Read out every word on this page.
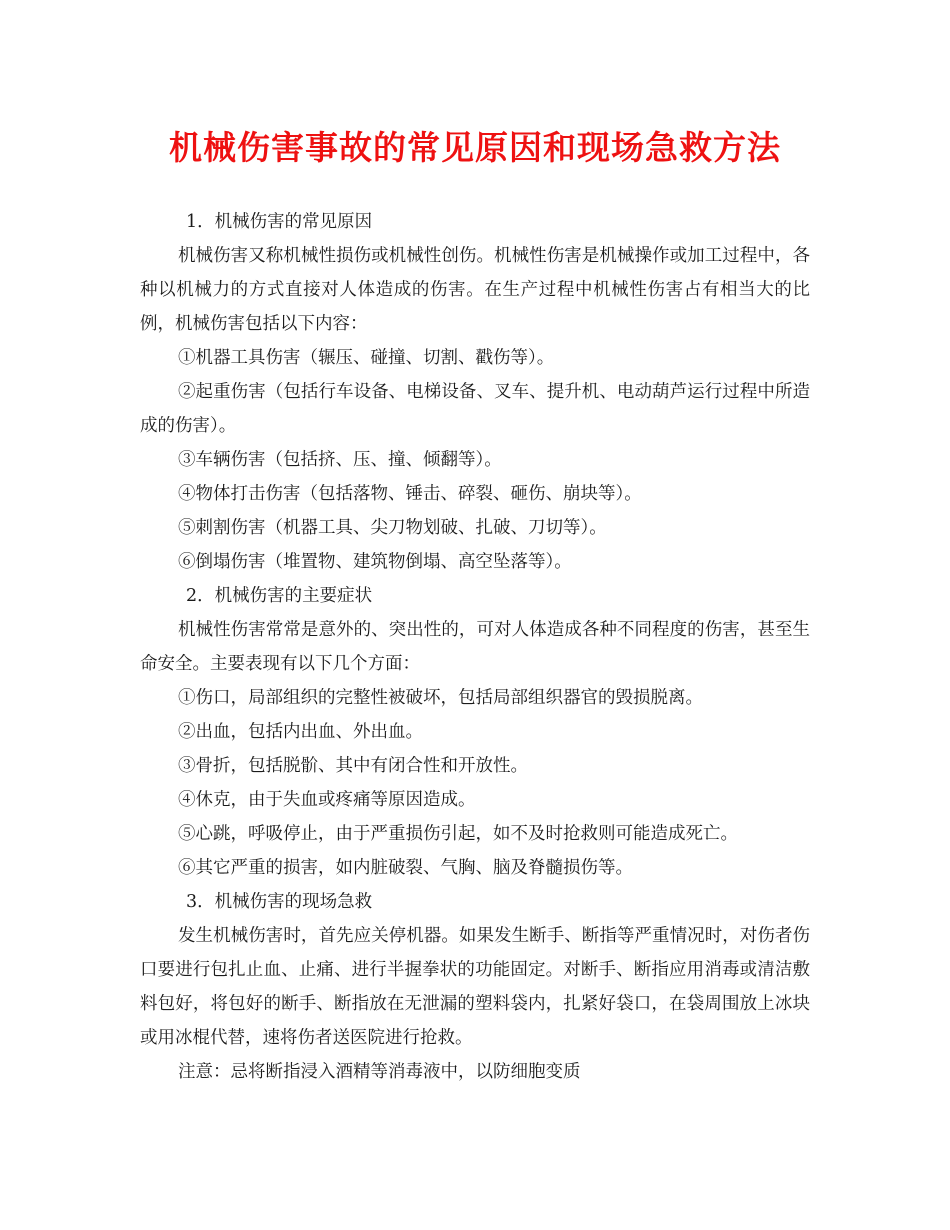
机械伤害事故的常见原因和现场急救方法

1．机械伤害的常见原因

机械伤害又称机械性损伤或机械性创伤。机械性伤害是机械操作或加工过程中，各种以机械力的方式直接对人体造成的伤害。在生产过程中机械性伤害占有相当大的比例，机械伤害包括以下内容：

①机器工具伤害（辗压、碰撞、切割、戳伤等）。

②起重伤害（包括行车设备、电梯设备、叉车、提升机、电动葫芦运行过程中所造成的伤害）。

③车辆伤害（包括挤、压、撞、倾翻等）。

④物体打击伤害（包括落物、锤击、碎裂、砸伤、崩块等）。

⑤刺割伤害（机器工具、尖刀物划破、扎破、刀切等）。

⑥倒塌伤害（堆置物、建筑物倒塌、高空坠落等）。

2．机械伤害的主要症状

机械性伤害常常是意外的、突出性的，可对人体造成各种不同程度的伤害，甚至生命安全。主要表现有以下几个方面：

①伤口，局部组织的完整性被破坏，包括局部组织器官的毁损脱离。

②出血，包括内出血、外出血。

③骨折，包括脱骱、其中有闭合性和开放性。

④休克，由于失血或疼痛等原因造成。

⑤心跳，呼吸停止，由于严重损伤引起，如不及时抢救则可能造成死亡。

⑥其它严重的损害，如内脏破裂、气胸、脑及脊髓损伤等。

3．机械伤害的现场急救

发生机械伤害时，首先应关停机器。如果发生断手、断指等严重情况时，对伤者伤口要进行包扎止血、止痛、进行半握拳状的功能固定。对断手、断指应用消毒或清洁敷料包好，将包好的断手、断指放在无泄漏的塑料袋内，扎紧好袋口，在袋周围放上冰块或用冰棍代替，速将伤者送医院进行抢救。

注意：忌将断指浸入酒精等消毒液中，以防细胞变质
